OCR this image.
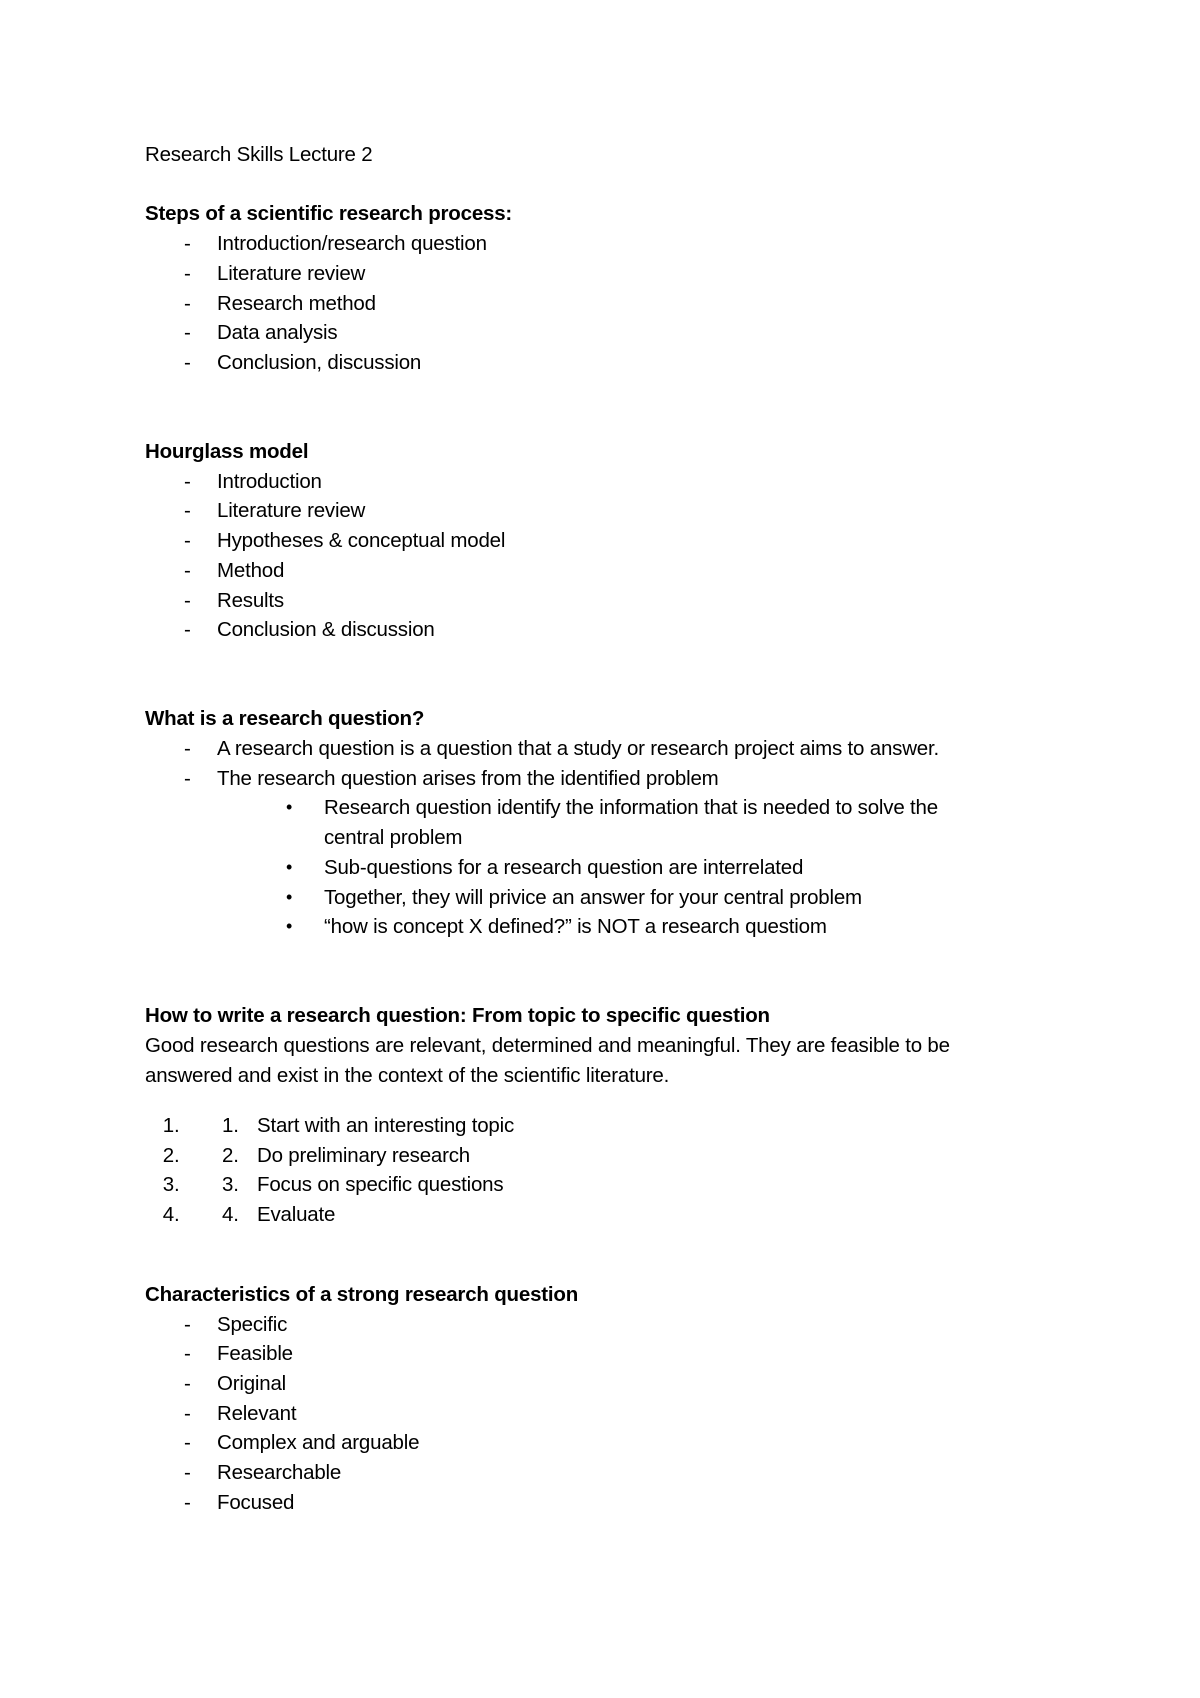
Research Skills Lecture 2

Steps of a scientific research process:

- Introduction/research question
- Literature review
- Research method
- Data analysis
- Conclusion, discussion

Hourglass model

- Introduction
- Literature review
- Hypotheses & conceptual model
- Method
- Results
- Conclusion & discussion

What is a research question?

- A research question is a question that a study or research project aims to answer.
- The research question arises from the identified problem
• Research question identify the information that is needed to solve the
central problem
• Sub-questions for a research question are interrelated
• Together, they will privice an answer for your central problem
• “how is concept X defined?” is NOT a research questiom

How to write a research question: From topic to specific question

Good research questions are relevant, determined and meaningful. They are feasible to be

answered and exist in the context of the scientific literature.

1. 1. Start with an interesting topic
2. 2. Do preliminary research
3. 3. Focus on specific questions
4. 4. Evaluate

Characteristics of a strong research question

- Specific
- Feasible
- Original
- Relevant
- Complex and arguable
- Researchable
- Focused
